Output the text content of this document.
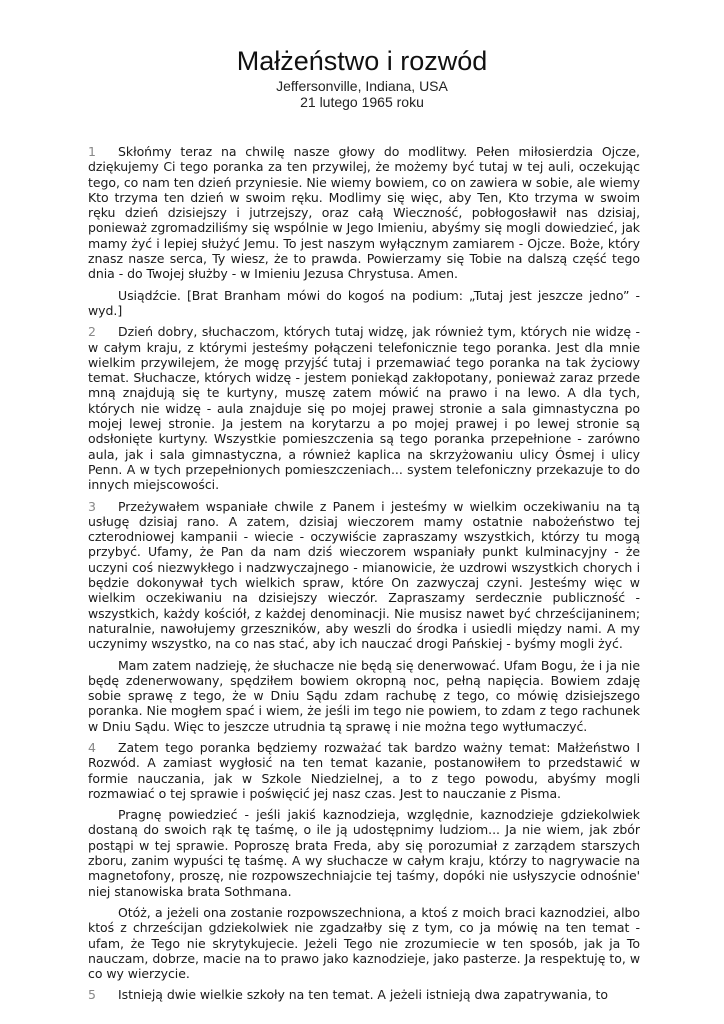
Małżeństwo i rozwód
Jeffersonville, Indiana, USA
21 lutego 1965 roku

1 Skłońmy teraz na chwilę nasze głowy do modlitwy. Pełen miłosierdzia Ojcze, dziękujemy Ci tego poranka za ten przywilej, że możemy być tutaj w tej auli, oczekując tego, co nam ten dzień przyniesie. Nie wiemy bowiem, co on zawiera w sobie, ale wiemy Kto trzyma ten dzień w swoim ręku. Modlimy się więc, aby Ten, Kto trzyma w swoim ręku dzień dzisiejszy i jutrzejszy, oraz całą Wieczność, pobłogosławił nas dzisiaj, ponieważ zgromadziliśmy się wspólnie w Jego Imieniu, abyśmy się mogli dowiedzieć, jak mamy żyć i lepiej służyć Jemu. To jest naszym wyłącznym zamiarem - Ojcze. Boże, który znasz nasze serca, Ty wiesz, że to prawda. Powierzamy się Tobie na dalszą część tego dnia - do Twojej służby - w Imieniu Jezusa Chrystusa. Amen.

Usiądźcie. [Brat Branham mówi do kogoś na podium: „Tutaj jest jeszcze jedno” - wyd.]

2 Dzień dobry, słuchaczom, których tutaj widzę, jak również tym, których nie widzę - w całym kraju, z którymi jesteśmy połączeni telefonicznie tego poranka. Jest dla mnie wielkim przywilejem, że mogę przyjść tutaj i przemawiać tego poranka na tak życiowy temat. Słuchacze, których widzę - jestem poniekąd zakłopotany, ponieważ zaraz przede mną znajdują się te kurtyny, muszę zatem mówić na prawo i na lewo. A dla tych, których nie widzę - aula znajduje się po mojej prawej stronie a sala gimnastyczna po mojej lewej stronie. Ja jestem na korytarzu a po mojej prawej i po lewej stronie są odsłonięte kurtyny. Wszystkie pomieszczenia są tego poranka przepełnione - zarówno aula, jak i sala gimnastyczna, a również kaplica na skrzyżowaniu ulicy Ósmej i ulicy Penn. A w tych przepełnionych pomieszczeniach... system telefoniczny przekazuje to do innych miejscowości.

3 Przeżywałem wspaniałe chwile z Panem i jesteśmy w wielkim oczekiwaniu na tą usługę dzisiaj rano. A zatem, dzisiaj wieczorem mamy ostatnie nabożeństwo tej czterodniowej kampanii - wiecie - oczywiście zapraszamy wszystkich, którzy tu mogą przybyć. Ufamy, że Pan da nam dziś wieczorem wspaniały punkt kulminacyjny - że uczyni coś niezwykłego i nadzwyczajnego - mianowicie, że uzdrowi wszystkich chorych i będzie dokonywał tych wielkich spraw, które On zazwyczaj czyni. Jesteśmy więc w wielkim oczekiwaniu na dzisiejszy wieczór. Zapraszamy serdecznie publiczność - wszystkich, każdy kościół, z każdej denominacji. Nie musisz nawet być chrześcijaninem; naturalnie, nawołujemy grzeszników, aby weszli do środka i usiedli między nami. A my uczynimy wszystko, na co nas stać, aby ich nauczać drogi Pańskiej - byśmy mogli żyć.

Mam zatem nadzieję, że słuchacze nie będą się denerwować. Ufam Bogu, że i ja nie będę zdenerwowany, spędziłem bowiem okropną noc, pełną napięcia. Bowiem zdaję sobie sprawę z tego, że w Dniu Sądu zdam rachubę z tego, co mówię dzisiejszego poranka. Nie mogłem spać i wiem, że jeśli im tego nie powiem, to zdam z tego rachunek w Dniu Sądu. Więc to jeszcze utrudnia tą sprawę i nie można tego wytłumaczyć.

4 Zatem tego poranka będziemy rozważać tak bardzo ważny temat: Małżeństwo I Rozwód. A zamiast wygłosić na ten temat kazanie, postanowiłem to przedstawić w formie nauczania, jak w Szkole Niedzielnej, a to z tego powodu, abyśmy mogli rozmawiać o tej sprawie i poświęcić jej nasz czas. Jest to nauczanie z Pisma.

Pragnę powiedzieć - jeśli jakiś kaznodzieja, względnie, kaznodzieje gdziekolwiek dostaną do swoich rąk tę taśmę, o ile ją udostępnimy ludziom... Ja nie wiem, jak zbór postąpi w tej sprawie. Poproszę brata Freda, aby się porozumiał z zarządem starszych zboru, zanim wypuści tę taśmę. A wy słuchacze w całym kraju, którzy to nagrywacie na magnetofony, proszę, nie rozpowszechniajcie tej taśmy, dopóki nie usłyszycie odnośnie' niej stanowiska brata Sothmana.

Otóż, a jeżeli ona zostanie rozpowszechniona, a ktoś z moich braci kaznodziei, albo ktoś z chrześcijan gdziekolwiek nie zgadzałby się z tym, co ja mówię na ten temat - ufam, że Tego nie skrytykujecie. Jeżeli Tego nie zrozumiecie w ten sposób, jak ja To nauczam, dobrze, macie na to prawo jako kaznodzieje, jako pasterze. Ja respektuję to, w co wy wierzycie.

5 Istnieją dwie wielkie szkoły na ten temat. A jeżeli istnieją dwa zapatrywania, to
